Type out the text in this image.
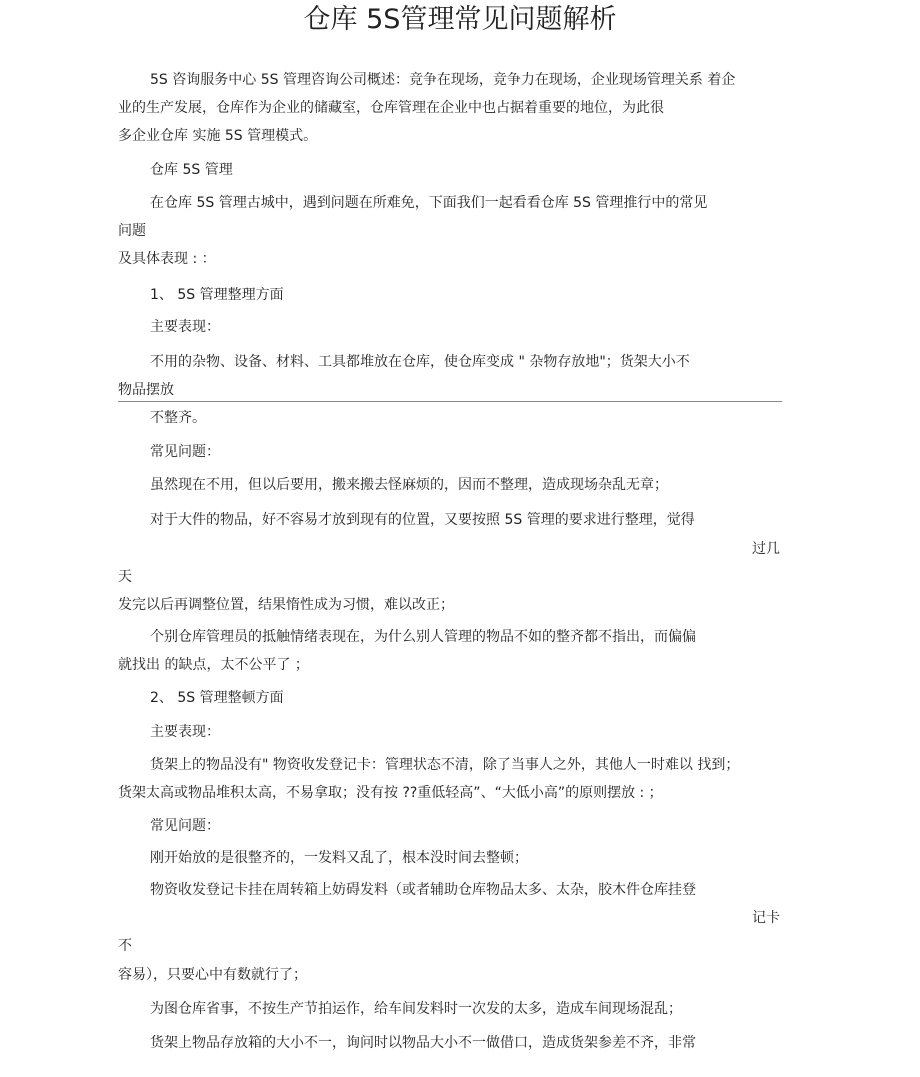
仓库 5S管理常见问题解析
5S 咨询服务中心 5S 管理咨询公司概述：竞争在现场，竞争力在现场，企业现场管理关系 着企
业的生产发展，仓库作为企业的储藏室，仓库管理在企业中也占据着重要的地位，为此很
多企业仓库 实施 5S 管理模式。
仓库 5S 管理
在仓库 5S 管理古城中，遇到问题在所难免，下面我们一起看看仓库 5S 管理推行中的常见
问题
及具体表现 : ：
1、 5S 管理整理方面
主要表现：
不用的杂物、设备、材料、工具都堆放在仓库，使仓库变成 " 杂物存放地"；货架大小不
物品摆放
不整齐。
常见问题：
虽然现在不用，但以后要用，搬来搬去怪麻烦的，因而不整理，造成现场杂乱无章；
对于大件的物品，好不容易才放到现有的位置，又要按照 5S 管理的要求进行整理，觉得
过几
天
发完以后再调整位置，结果惰性成为习惯，难以改正；
个别仓库管理员的抵触情绪表现在，为什么别人管理的物品不如的整齐都不指出，而偏偏
就找出 的缺点，太不公平了 ；
2、 5S 管理整顿方面
主要表现：
货架上的物品没有" 物资收发登记卡：管理状态不清，除了当事人之外，其他人一时难以 找到；
货架太高或物品堆积太高，不易拿取；没有按 ??重低轻高”、“大低小高”的原则摆放 : ；
常见问题：
刚开始放的是很整齐的，一发料又乱了，根本没时间去整顿；
物资收发登记卡挂在周转箱上妨碍发料（或者辅助仓库物品太多、太杂，胶木件仓库挂登
记卡
不
容易），只要心中有数就行了；
为图仓库省事，不按生产节拍运作，给车间发料时一次发的太多，造成车间现场混乱；
货架上物品存放箱的大小不一，询问时以物品大小不一做借口，造成货架参差不齐，非常
